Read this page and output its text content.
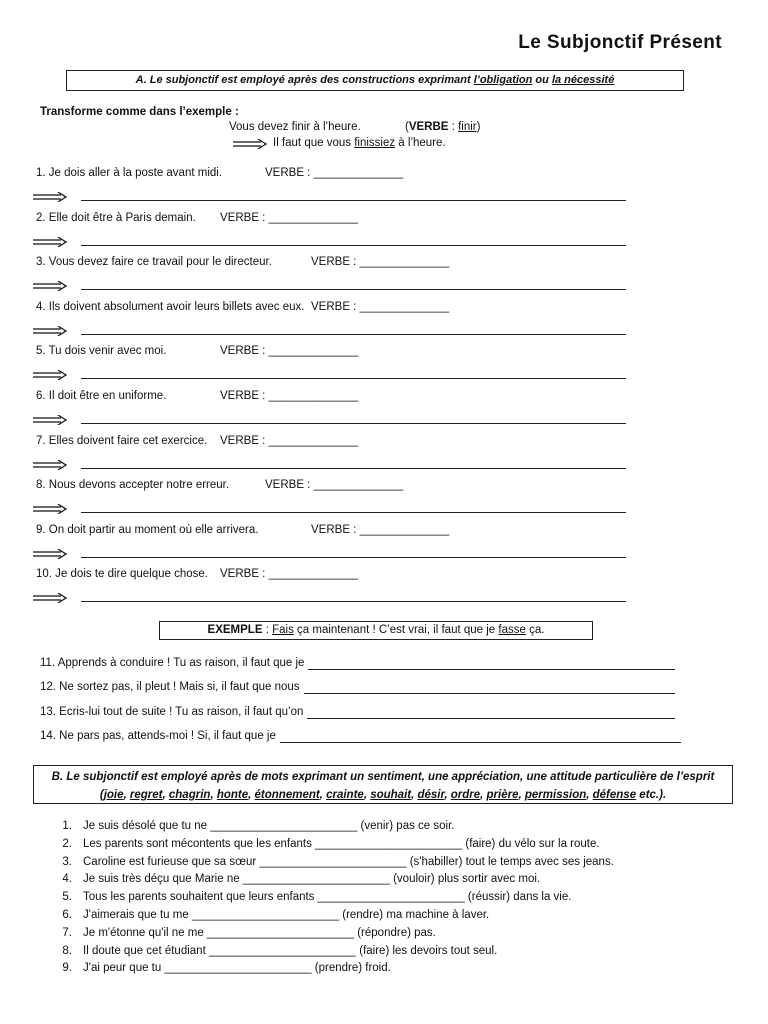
Le Subjonctif Présent
A. Le subjonctif est employé après des constructions exprimant l’obligation ou la nécessité
Transforme comme dans l’exemple :
Vous devez finir à l’heure.	(VERBE : finir)
Il faut que vous finissiez à l’heure.
1. Je dois aller à la poste avant midi.	VERBE : ______________
2. Elle doit être à Paris demain. VERBE : ______________
3. Vous devez faire ce travail pour le directeur.	VERBE : ______________
4. Ils doivent absolument avoir leurs billets avec eux. VERBE : ______________
5. Tu dois venir avec moi.	VERBE : ______________
6. Il doit être en uniforme.	VERBE : ______________
7. Elles doivent faire cet exercice. VERBE : ______________
8. Nous devons accepter notre erreur.	VERBE : ______________
9. On doit partir au moment où elle arrivera.	VERBE : ______________
10. Je dois te dire quelque chose. VERBE : ______________
EXEMPLE : Fais ça maintenant ! C’est vrai, il faut que je fasse ça.
11. Apprends à conduire ! Tu as raison, il faut que je
12. Ne sortez pas, il pleut ! Mais si, il faut que nous
13. Ecris-lui tout de suite ! Tu as raison, il faut qu’on
14. Ne pars pas, attends-moi ! Si, il faut que je
B. Le subjonctif est employé après de mots exprimant un sentiment, une appréciation, une attitude particulière de l’esprit
(joie, regret, chagrin, honte, étonnement, crainte, souhait, désir, ordre, prière, permission, défense etc.).
1. Je suis désolé que tu ne _______________________ (venir) pas ce soir.
2. Les parents sont mécontents que les enfants _______________________ (faire) du vélo sur la route.
3. Caroline est furieuse que sa sœur _______________________ (s'habiller) tout le temps avec ses jeans.
4. Je suis très déçu que Marie ne _______________________ (vouloir) plus sortir avec moi.
5. Tous les parents souhaitent que leurs enfants _______________________ (réussir) dans la vie.
6. J'aimerais que tu me _______________________ (rendre) ma machine à laver.
7. Je m'étonne qu'il ne me _______________________ (répondre) pas.
8. Il doute que cet étudiant _______________________ (faire) les devoirs tout seul.
9. J'ai peur que tu _______________________ (prendre) froid.
